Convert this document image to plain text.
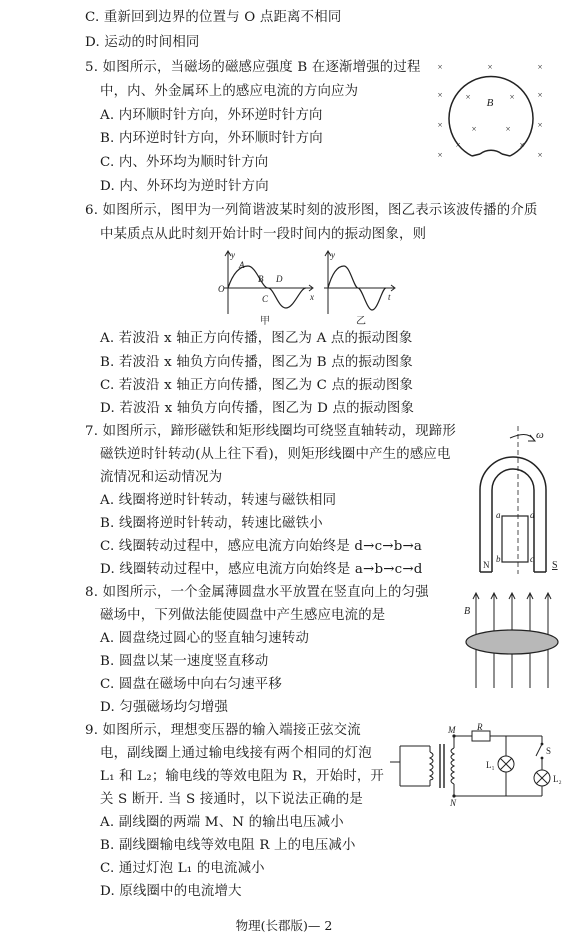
C. 重新回到边界的位置与 O 点距离不相同
D. 运动的时间相同
5. 如图所示，当磁场的磁感应强度 B 在逐渐增强的过程
中，内、外金属环上的感应电流的方向应为
A. 内环顺时针方向，外环逆时针方向
B. 内环逆时针方向，外环顺时针方向
C. 内、外环均为顺时针方向
D. 内、外环均为逆时针方向
×	×	×
×	×
×	×
×	×
×	×
×	×
×	×
B
6. 如图所示，图甲为一列简谐波某时刻的波形图，图乙表示该波传播的介质
中某质点从此时刻开始计时一段时间内的振动图象，则
O
y
x
A
B D
C
y
t
甲	乙
A. 若波沿 x 轴正方向传播，图乙为 A 点的振动图象
B. 若波沿 x 轴负方向传播，图乙为 B 点的振动图象
C. 若波沿 x 轴正方向传播，图乙为 C 点的振动图象
D. 若波沿 x 轴负方向传播，图乙为 D 点的振动图象
7. 如图所示，蹄形磁铁和矩形线圈均可绕竖直轴转动，现蹄形
磁铁逆时针转动(从上往下看)，则矩形线圈中产生的感应电
流情况和运动情况为
A. 线圈将逆时针转动，转速与磁铁相同
B. 线圈将逆时针转动，转速比磁铁小
C. 线圈转动过程中，感应电流方向始终是 d→c→b→a
D. 线圈转动过程中，感应电流方向始终是 a→b→c→d
ω
a	d
b	c
N	S
8. 如图所示，一个金属薄圆盘水平放置在竖直向上的匀强
磁场中，下列做法能使圆盘中产生感应电流的是
A. 圆盘绕过圆心的竖直轴匀速转动
B. 圆盘以某一速度竖直移动
C. 圆盘在磁场中向右匀速平移
D. 匀强磁场均匀增强
B
9. 如图所示，理想变压器的输入端接正弦交流
电，副线圈上通过输电线接有两个相同的灯泡
L₁ 和 L₂；输电线的等效电阻为 R，开始时，开
关 S 断开. 当 S 接通时，以下说法正确的是
A. 副线圈的两端 M、N 的输出电压减小
B. 副线圈输电线等效电阻 R 上的电压减小
C. 通过灯泡 L₁ 的电流减小
D. 原线圈中的电流增大
M
N
R
S
L₁
L₂
物理(长郡版)— 2
